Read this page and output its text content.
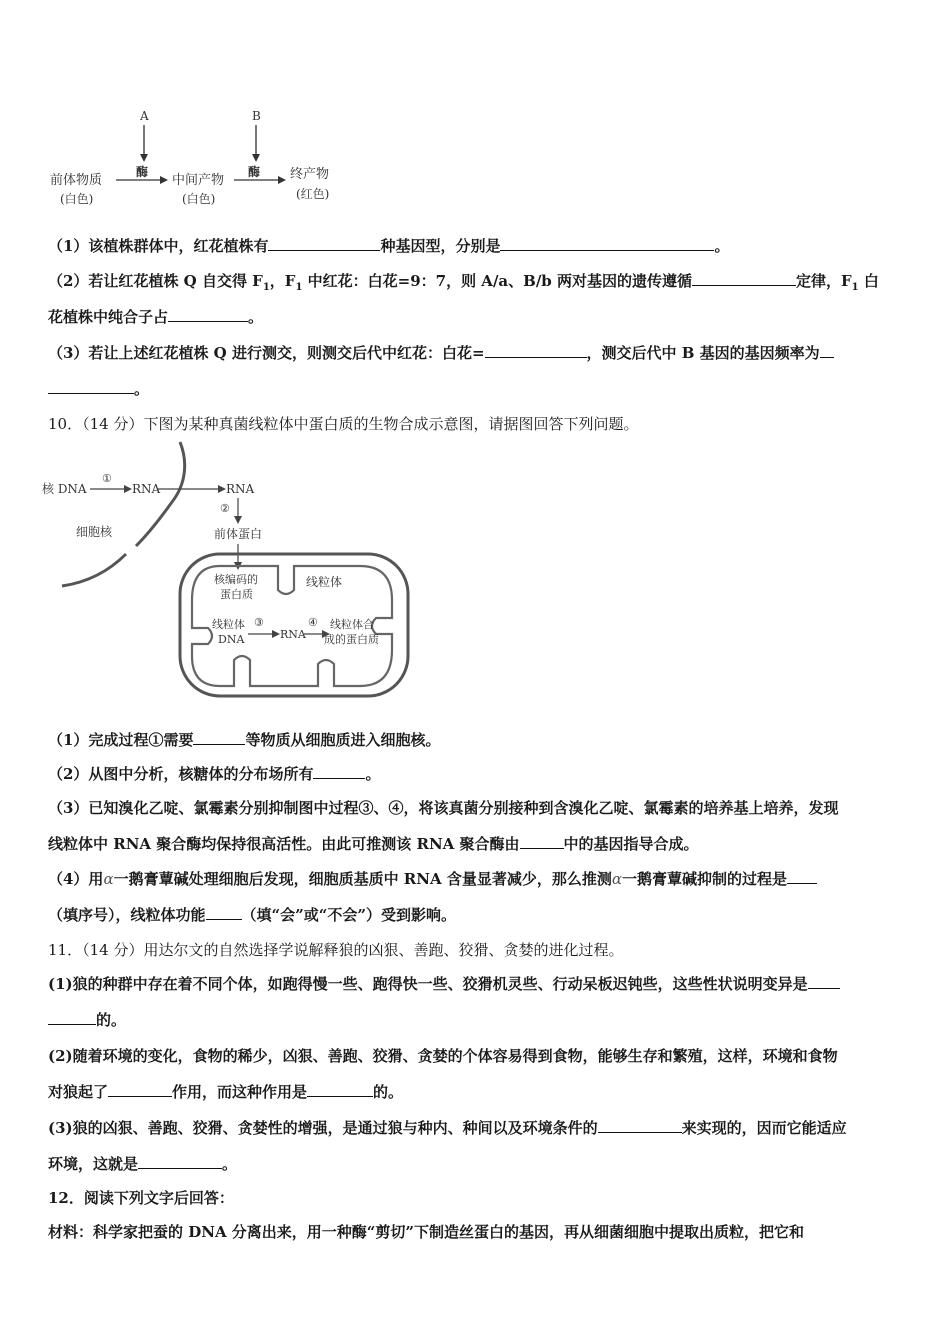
A	B
前体物质
(白色)
酶
中间产物
(白色)
酶 终产物
(红色)
（1）该植株群体中，红花植株有	种基因型，分别是	。
（2）若让红花植株 Q 自交得 $F_1$，$F_1$ 中红花：白花=9：7，则 A/a、B/b 两对基因的遗传遵循	定律，$F_1$ 白
花植株中纯合子占	。
（3）若让上述红花植株 Q 进行测交，则测交后代中红花：白花=	，测交后代中 B 基因的基因频率为
。
10．（14 分）下图为某种真菌线粒体中蛋白质的生物合成示意图，请据图回答下列问题。
核 DNA
①
RNA	RNA
细胞核
②
前体蛋白
核编码的
蛋白质
线粒体
线粒体
DNA
③
RNA
④ 线粒体合
成的蛋白质
（1）完成过程①需要	等物质从细胞质进入细胞核。
（2）从图中分析，核糖体的分布场所有	。
（3）已知溴化乙啶、氯霉素分别抑制图中过程③、④，将该真菌分别接种到含溴化乙啶、氯霉素的培养基上培养，发现
线粒体中 RNA 聚合酶均保持很高活性。由此可推测该 RNA 聚合酶由	中的基因指导合成。
（4）用α一鹅膏蕈碱处理细胞后发现，细胞质基质中 RNA 含量显著减少，那么推测α一鹅膏蕈碱抑制的过程是
（填序号），线粒体功能 （填“会”或“不会”）受到影响。
11．（14 分）用达尔文的自然选择学说解释狼的凶狠、善跑、狡猾、贪婪的进化过程。
(1)狼的种群中存在着不同个体，如跑得慢一些、跑得快一些、狡猾机灵些、行动呆板迟钝些，这些性状说明变异是
的。
(2)随着环境的变化，食物的稀少，凶狠、善跑、狡猾、贪婪的个体容易得到食物，能够生存和繁殖，这样，环境和食物
对狼起了	作用，而这种作用是	的。
(3)狼的凶狠、善跑、狡猾、贪婪性的增强，是通过狼与种内、种间以及环境条件的	来实现的，因而它能适应
环境，这就是	。
12．阅读下列文字后回答：
材料：科学家把蚕的 DNA 分离出来，用一种酶“剪切”下制造丝蛋白的基因，再从细菌细胞中提取出质粒，把它和
